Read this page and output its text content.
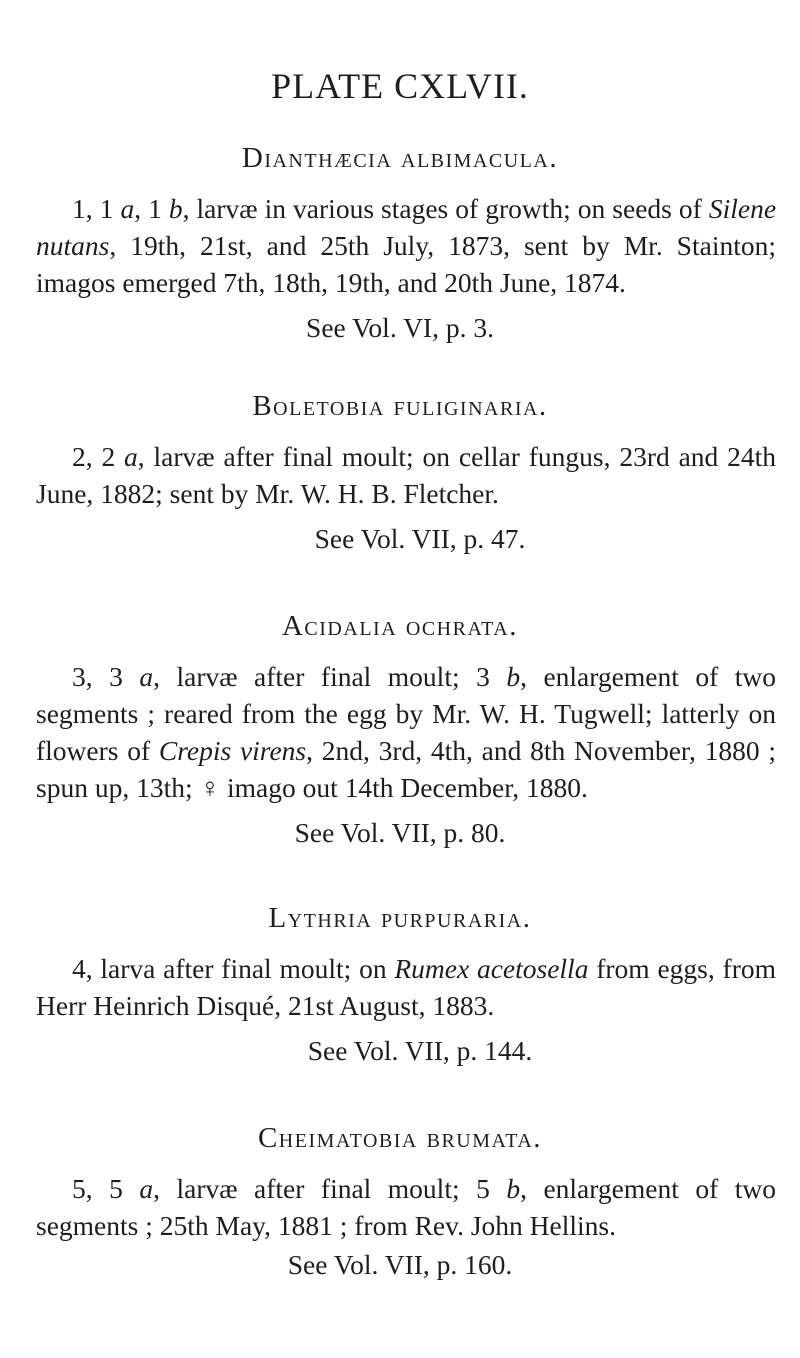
PLATE CXLVII.
Dianthæcia albimacula.

1, 1 a, 1 b, larvæ in various stages of growth; on seeds of Silene nutans, 19th, 21st, and 25th July, 1873, sent by Mr. Stainton; imagos emerged 7th, 18th, 19th, and 20th June, 1874.

See Vol. VI, p. 3.

Boletobia fuliginaria.

2, 2 a, larvæ after final moult; on cellar fungus, 23rd and 24th June, 1882; sent by Mr. W. H. B. Fletcher.

See Vol. VII, p. 47.

Acidalia ochrata.

3, 3 a, larvæ after final moult; 3 b, enlargement of two segments ; reared from the egg by Mr. W. H. Tugwell; latterly on flowers of Crepis virens, 2nd, 3rd, 4th, and 8th November, 1880 ; spun up, 13th; ♀ imago out 14th December, 1880.

See Vol. VII, p. 80.

Lythria purpuraria.

4, larva after final moult; on Rumex acetosella from eggs, from Herr Heinrich Disqué, 21st August, 1883.

See Vol. VII, p. 144.

Cheimatobia brumata.

5, 5 a, larvæ after final moult; 5 b, enlargement of two segments ; 25th May, 1881 ; from Rev. John Hellins.

See Vol. VII, p. 160.
